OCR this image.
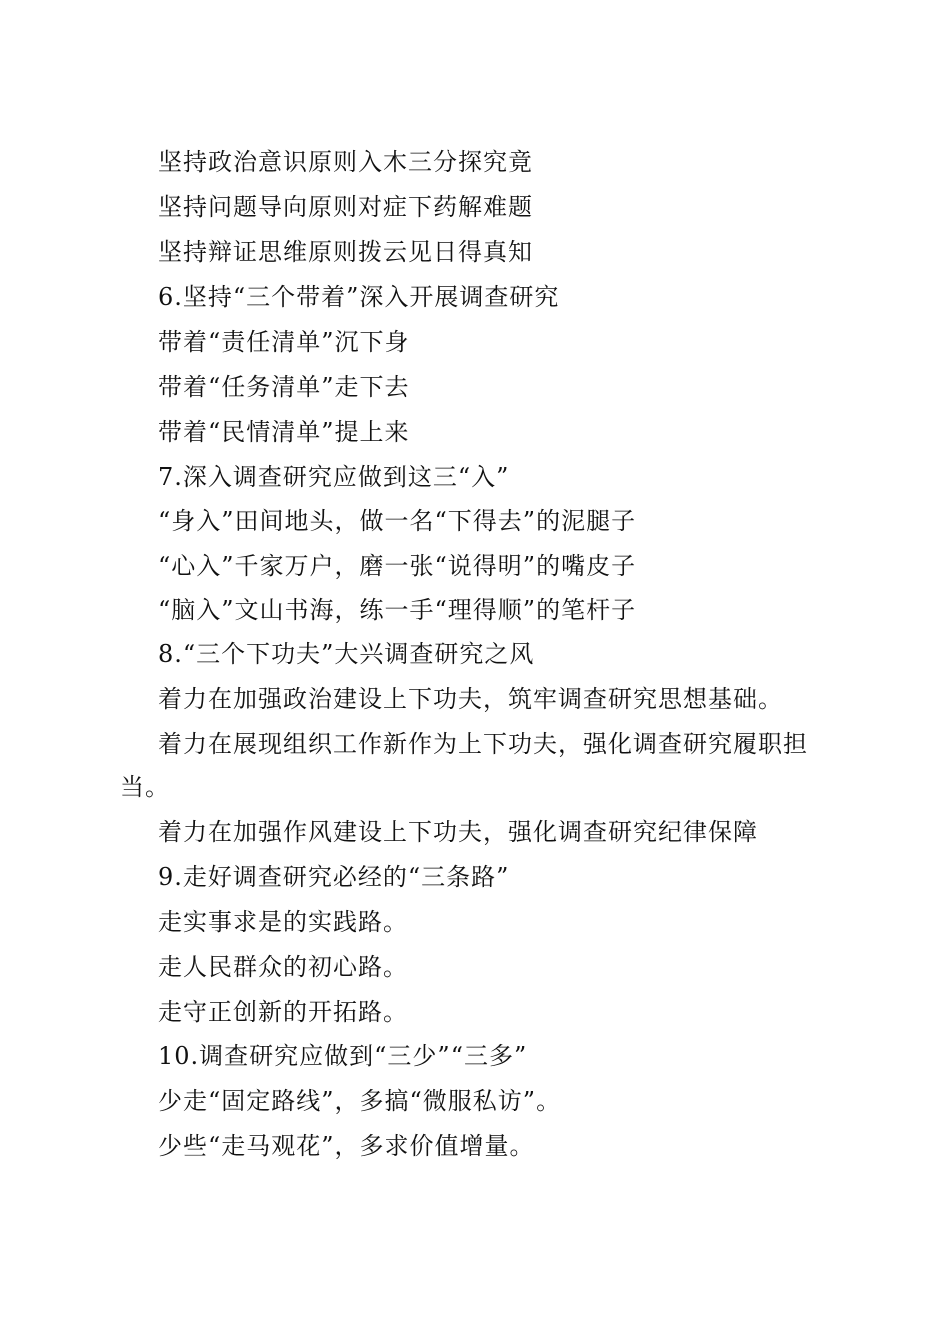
坚持政治意识原则入木三分探究竟
坚持问题导向原则对症下药解难题
坚持辩证思维原则拨云见日得真知
6.坚持“三个带着”深入开展调查研究
带着“责任清单”沉下身
带着“任务清单”走下去
带着“民情清单”提上来
7.深入调查研究应做到这三“入”
“身入”田间地头，做一名“下得去”的泥腿子
“心入”千家万户，磨一张“说得明”的嘴皮子
“脑入”文山书海，练一手“理得顺”的笔杆子
8.“三个下功夫”大兴调查研究之风
着力在加强政治建设上下功夫，筑牢调查研究思想基础。
着力在展现组织工作新作为上下功夫，强化调查研究履职担
当。
着力在加强作风建设上下功夫，强化调查研究纪律保障
9.走好调查研究必经的“三条路”
走实事求是的实践路。
走人民群众的初心路。
走守正创新的开拓路。
10.调查研究应做到“三少”“三多”
少走“固定路线”，多搞“微服私访”。
少些“走马观花”，多求价值增量。
